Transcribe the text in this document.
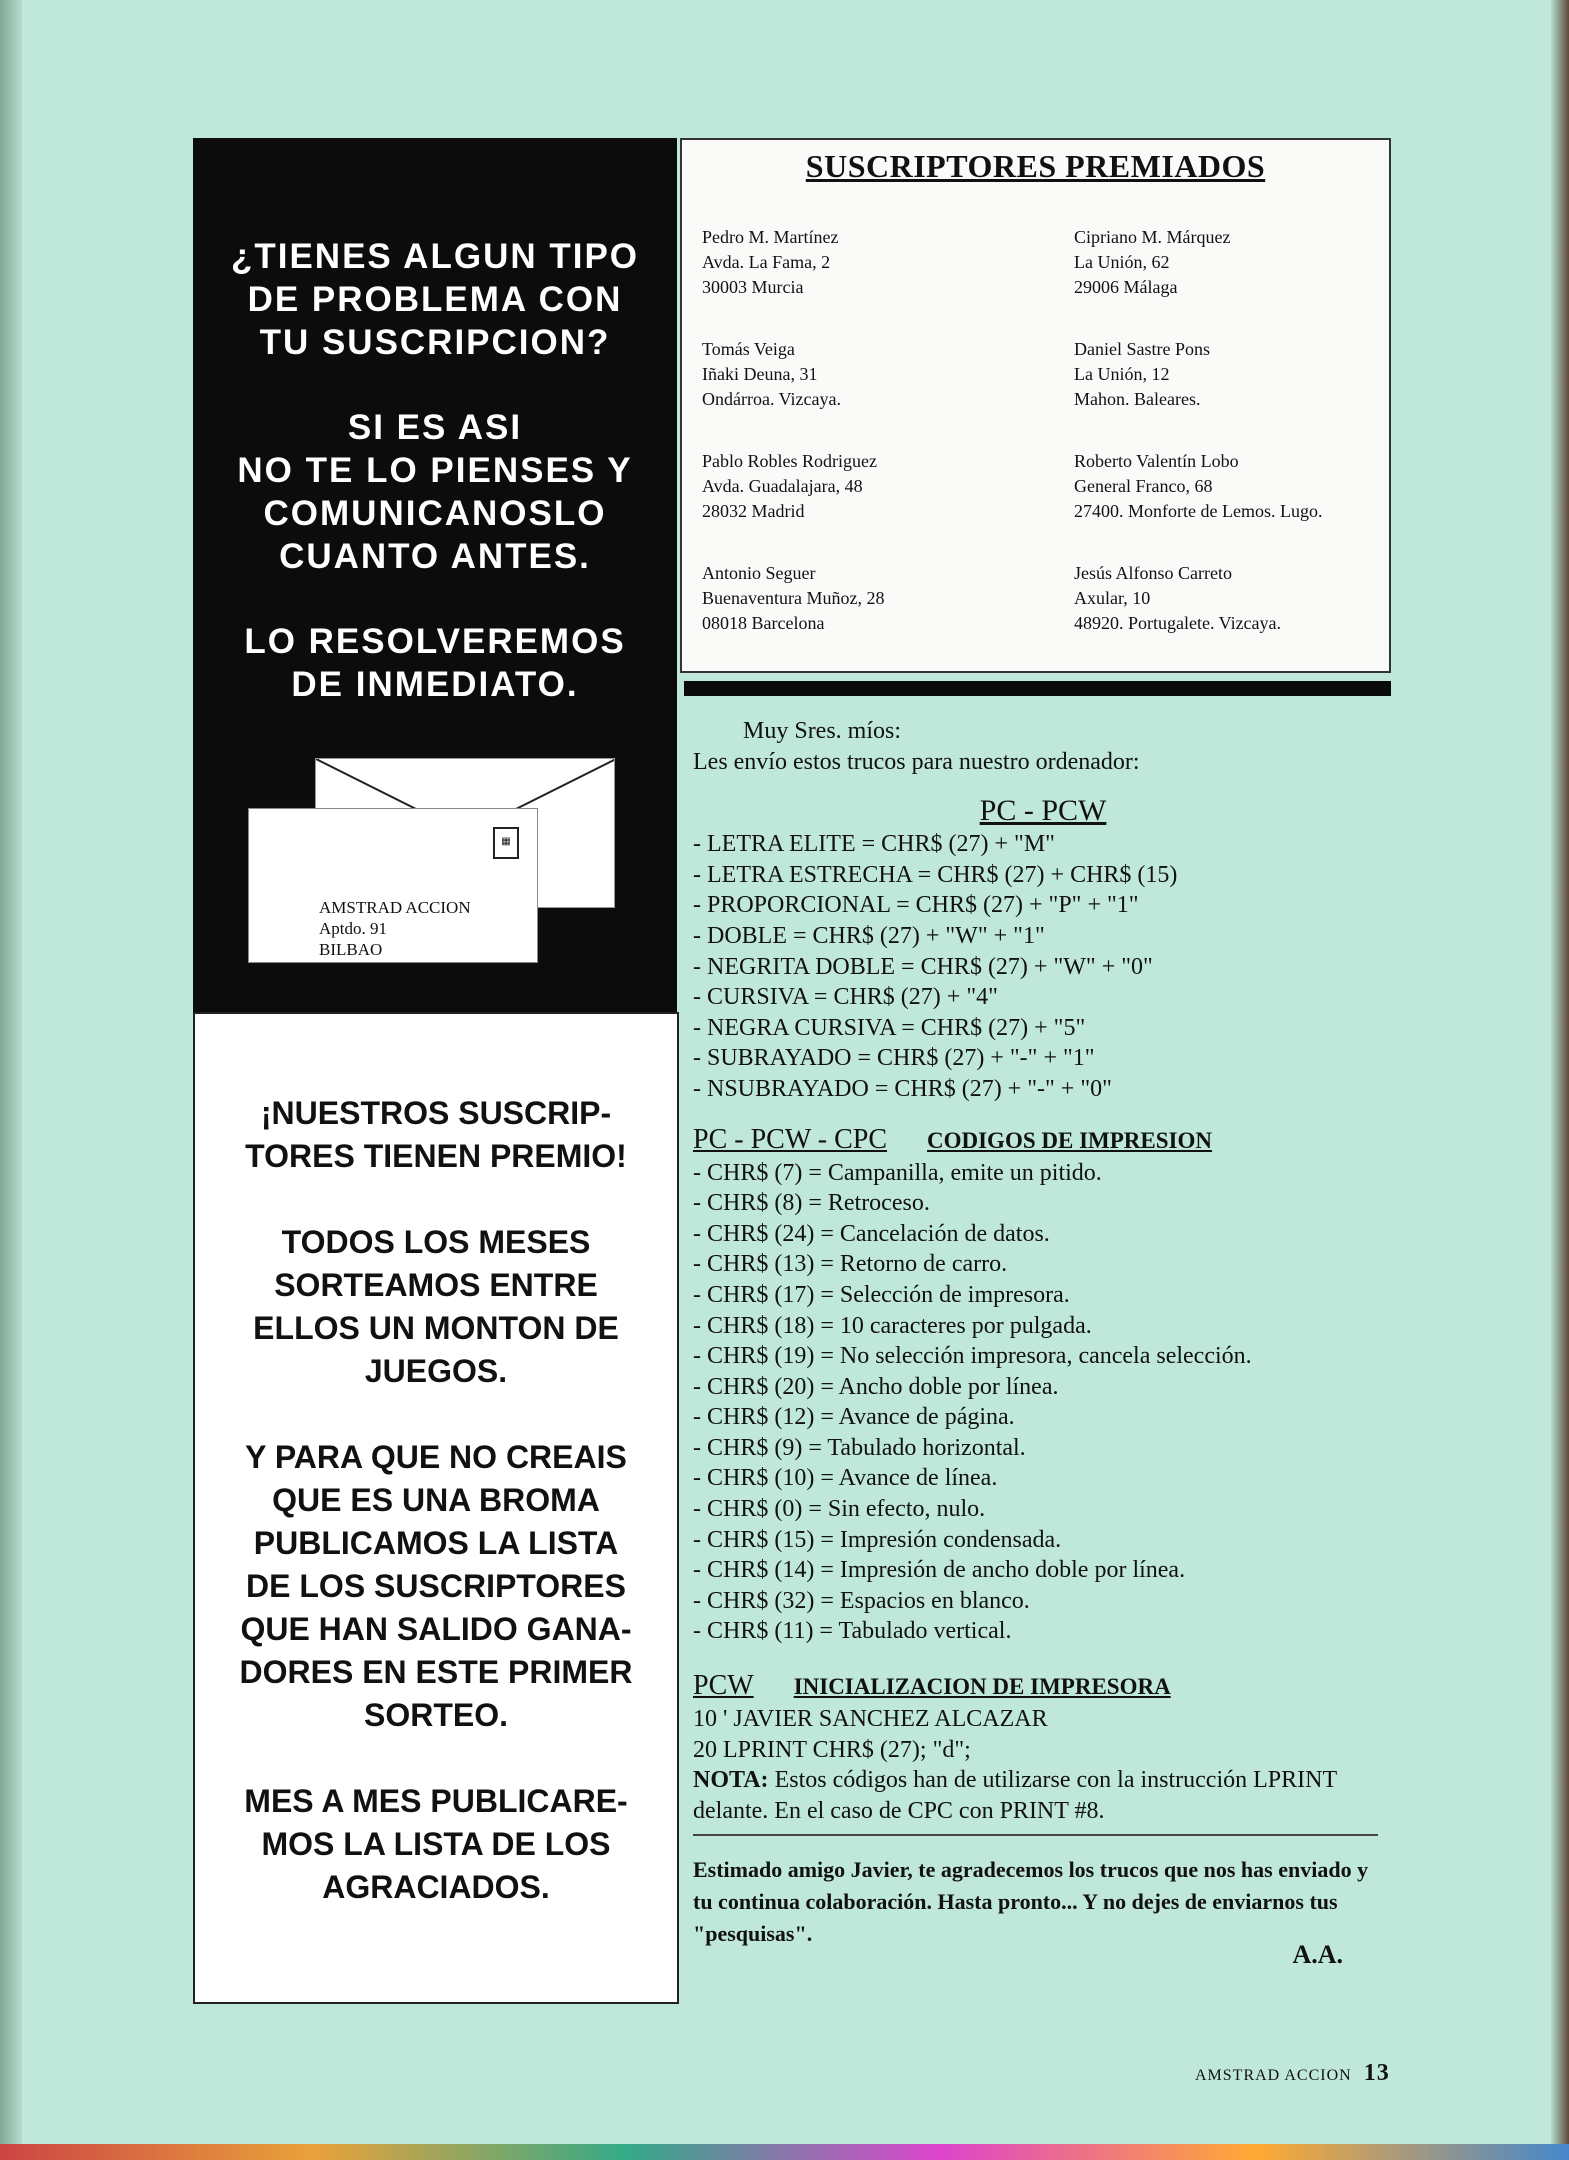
¿TIENES ALGUN TIPO
DE PROBLEMA CON
TU SUSCRIPCION?
SI ES ASI
NO TE LO PIENSES Y
COMUNICANOSLO
CUANTO ANTES.
LO RESOLVEREMOS
DE INMEDIATO.
▦
AMSTRAD ACCION
Aptdo. 91
BILBAO
¡NUESTROS SUSCRIP-
TORES TIENEN PREMIO!
TODOS LOS MESES
SORTEAMOS ENTRE
ELLOS UN MONTON DE
JUEGOS.
Y PARA QUE NO CREAIS
QUE ES UNA BROMA
PUBLICAMOS LA LISTA
DE LOS SUSCRIPTORES
QUE HAN SALIDO GANA-
DORES EN ESTE PRIMER
SORTEO.
MES A MES PUBLICARE-
MOS LA LISTA DE LOS
AGRACIADOS.
SUSCRIPTORES PREMIADOS
Pedro M. Martínez
Avda. La Fama, 2
30003 Murcia
Cipriano M. Márquez
La Unión, 62
29006 Málaga
Tomás Veiga
Iñaki Deuna, 31
Ondárroa. Vizcaya.
Daniel Sastre Pons
La Unión, 12
Mahon. Baleares.
Pablo Robles Rodriguez
Avda. Guadalajara, 48
28032 Madrid
Roberto Valentín Lobo
General Franco, 68
27400. Monforte de Lemos. Lugo.
Antonio Seguer
Buenaventura Muñoz, 28
08018 Barcelona
Jesús Alfonso Carreto
Axular, 10
48920. Portugalete. Vizcaya.
Muy Sres. míos:
Les envío estos trucos para nuestro ordenador:
PC - PCW
- LETRA ELITE = CHR$ (27) + "M"
- LETRA ESTRECHA = CHR$ (27) + CHR$ (15)
- PROPORCIONAL = CHR$ (27) + "P" + "1"
- DOBLE = CHR$ (27) + "W" + "1"
- NEGRITA DOBLE = CHR$ (27) + "W" + "0"
- CURSIVA = CHR$ (27) + "4"
- NEGRA CURSIVA = CHR$ (27) + "5"
- SUBRAYADO = CHR$ (27) + "-" + "1"
- NSUBRAYADO = CHR$ (27) + "-" + "0"
PC - PCW - CPC CODIGOS DE IMPRESION
- CHR$ (7) = Campanilla, emite un pitido.
- CHR$ (8) = Retroceso.
- CHR$ (24) = Cancelación de datos.
- CHR$ (13) = Retorno de carro.
- CHR$ (17) = Selección de impresora.
- CHR$ (18) = 10 caracteres por pulgada.
- CHR$ (19) = No selección impresora, cancela selección.
- CHR$ (20) = Ancho doble por línea.
- CHR$ (12) = Avance de página.
- CHR$ (9) = Tabulado horizontal.
- CHR$ (10) = Avance de línea.
- CHR$ (0) = Sin efecto, nulo.
- CHR$ (15) = Impresión condensada.
- CHR$ (14) = Impresión de ancho doble por línea.
- CHR$ (32) = Espacios en blanco.
- CHR$ (11) = Tabulado vertical.
PCW INICIALIZACION DE IMPRESORA
10 ' JAVIER SANCHEZ ALCAZAR
20 LPRINT CHR$ (27); "d";
NOTA: Estos códigos han de utilizarse con la instrucción LPRINT delante. En el caso de CPC con PRINT #8.
Estimado amigo Javier, te agradecemos los trucos que nos has enviado y tu continua colaboración. Hasta pronto... Y no dejes de enviarnos tus "pesquisas".
A.A.
AMSTRAD ACCION 13
